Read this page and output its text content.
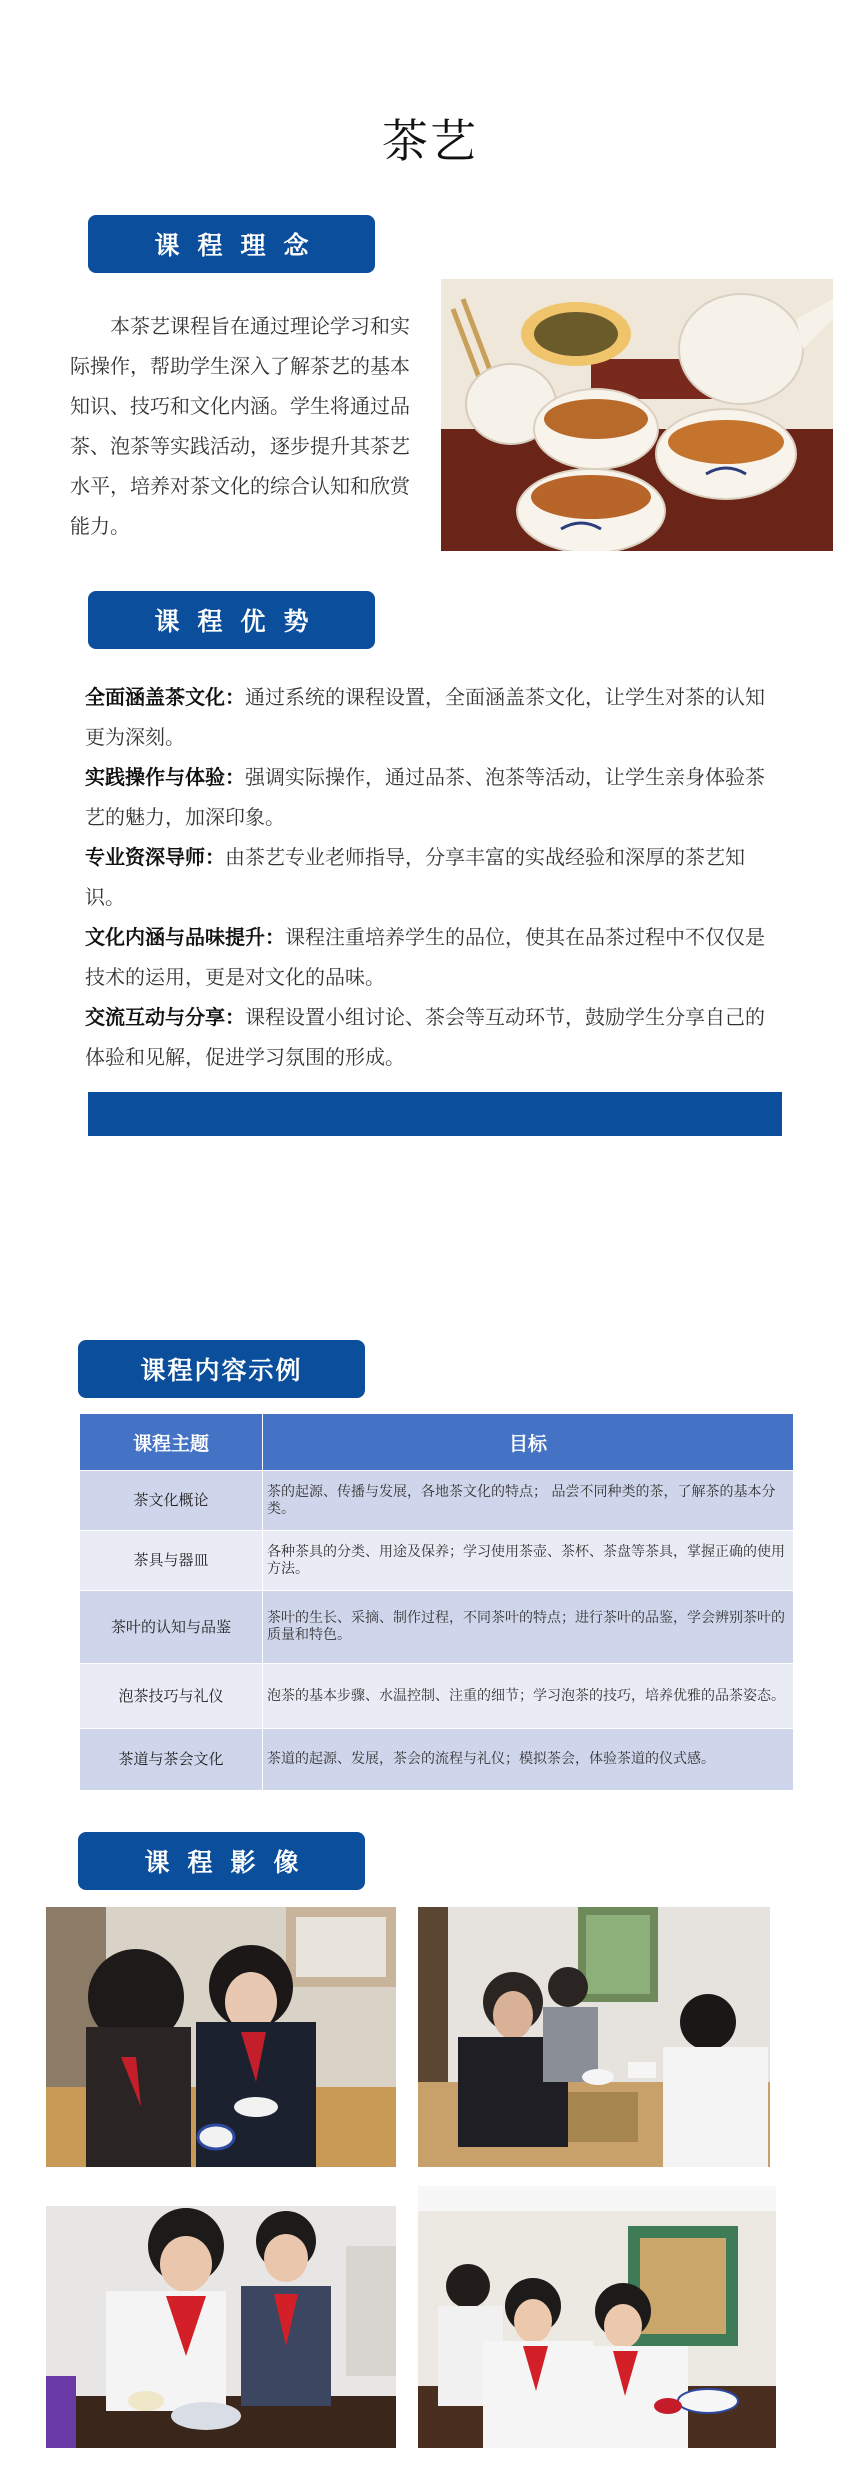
茶艺
课程理念

本茶艺课程旨在通过理论学习和实际操作，帮助学生深入了解茶艺的基本知识、技巧和文化内涵。学生将通过品茶、泡茶等实践活动，逐步提升其茶艺水平，培养对茶文化的综合认知和欣赏能力。

课程优势
全面涵盖茶文化：通过系统的课程设置，全面涵盖茶文化，让学生对茶的认知更为深刻。
实践操作与体验：强调实际操作，通过品茶、泡茶等活动，让学生亲身体验茶艺的魅力，加深印象。
专业资深导师：由茶艺专业老师指导，分享丰富的实战经验和深厚的茶艺知识。
文化内涵与品味提升：课程注重培养学生的品位，使其在品茶过程中不仅仅是技术的运用，更是对文化的品味。
交流互动与分享：课程设置小组讨论、茶会等互动环节，鼓励学生分享自己的体验和见解，促进学习氛围的形成。
课程内容示例
课程主题	目标
茶文化概论	茶的起源、传播与发展，各地茶文化的特点； 品尝不同种类的茶，了解茶的基本分类。
茶具与器皿	各种茶具的分类、用途及保养；学习使用茶壶、茶杯、茶盘等茶具，掌握正确的使用方法。
茶叶的认知与品鉴	茶叶的生长、采摘、制作过程，不同茶叶的特点；进行茶叶的品鉴，学会辨别茶叶的质量和特色。
泡茶技巧与礼仪	泡茶的基本步骤、水温控制、注重的细节；学习泡茶的技巧，培养优雅的品茶姿态。
茶道与茶会文化	茶道的起源、发展，茶会的流程与礼仪；模拟茶会，体验茶道的仪式感。
课程影像
